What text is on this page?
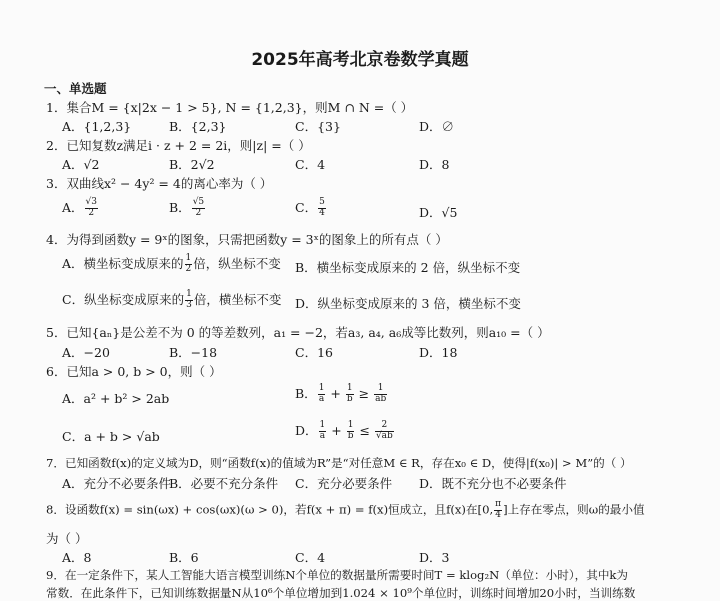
2025年高考北京卷数学真题
一、单选题
1．集合M = {x|2x − 1 > 5}, N = {1,2,3}，则M ∩ N =（ ）
A．{1,2,3}	B．{2,3}	C．{3}	D．∅
2．已知复数z满足i · z + 2 = 2i，则|z| =（ ）
A．√2	B．2√2	C．4	D．8
3．双曲线x² − 4y² = 4的离心率为（ ）
A． $\frac{√3}{2}$	B． $\frac{√5}{2}$	C． $\frac{5}{4}$	D．√5
4．为得到函数y = 9ˣ的图象，只需把函数y = 3ˣ的图象上的所有点（ ）
A．横坐标变成原来的 $\frac{1}{2}$ 倍，纵坐标不变 B．横坐标变成原来的 2 倍，纵坐标不变
C．纵坐标变成原来的 $\frac{1}{3}$ 倍，横坐标不变 D．纵坐标变成原来的 3 倍，横坐标不变
5．已知{aₙ}是公差不为 0 的等差数列，a₁ = −2，若a₃, a₄, a₆成等比数列，则a₁₀ =（ ）
A．−20	B．−18	C．16	D．18
6．已知a > 0, b > 0，则（ ）
A．a² + b² > 2ab	B． $\frac{1}{a} + \frac{1}{b} \ge \frac{1}{ab}$
C．a + b > √ab	D． $\frac{1}{a} + \frac{1}{b} \le \frac{2}{√ab}$
7．已知函数f(x)的定义域为D，则“函数f(x)的值域为R”是“对任意M ∈ R，存在x₀ ∈ D，使得|f(x₀)| > M”的（ ）
A．充分不必要条件
B．必要不充分条件 C．充分必要条件 D．既不充分也不必要条件
8．设函数f(x) = sin(ωx) + cos(ωx)(ω > 0)，若f(x + π) = f(x)恒成立，且f(x)在[0, $\frac{\pi}{4}$ ]上存在零点，则ω的最小值
为（ ）
A．8	B．6	C．4	D．3
9．在一定条件下，某人工智能大语言模型训练N个单位的数据量所需要时间T = klog₂N（单位：小时），其中k为
常数．在此条件下，已知训练数据量N从10⁶个单位增加到1.024 × 10⁹个单位时，训练时间增加20小时，当训练数
